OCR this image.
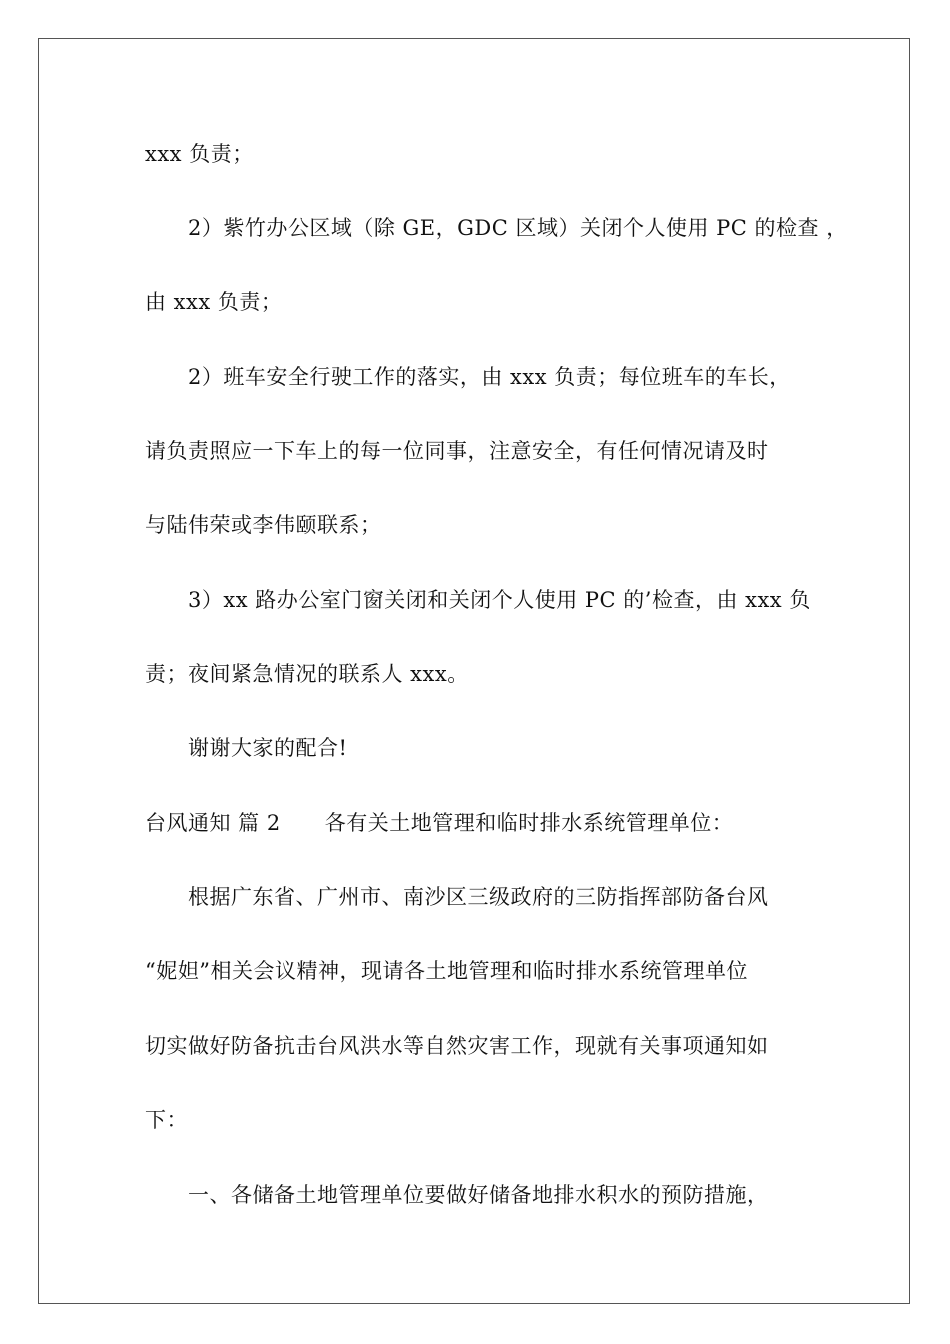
xxx 负责；
2）紫竹办公区域（除 GE，GDC 区域）关闭个人使用 PC 的检查 ，
由 xxx 负责；
2）班车安全行驶工作的落实，由 xxx 负责；每位班车的车长，
请负责照应一下车上的每一位同事，注意安全，有任何情况请及时
与陆伟荣或李伟颐联系；
3）xx 路办公室门窗关闭和关闭个人使用 PC 的’检查，由 xxx 负
责；夜间紧急情况的联系人 xxx。
谢谢大家的配合!
台风通知 篇 2 各有关土地管理和临时排水系统管理单位：
根据广东省、广州市、南沙区三级政府的三防指挥部防备台风
“妮妲”相关会议精神，现请各土地管理和临时排水系统管理单位
切实做好防备抗击台风洪水等自然灾害工作，现就有关事项通知如
下：
一、各储备土地管理单位要做好储备地排水积水的预防措施，
